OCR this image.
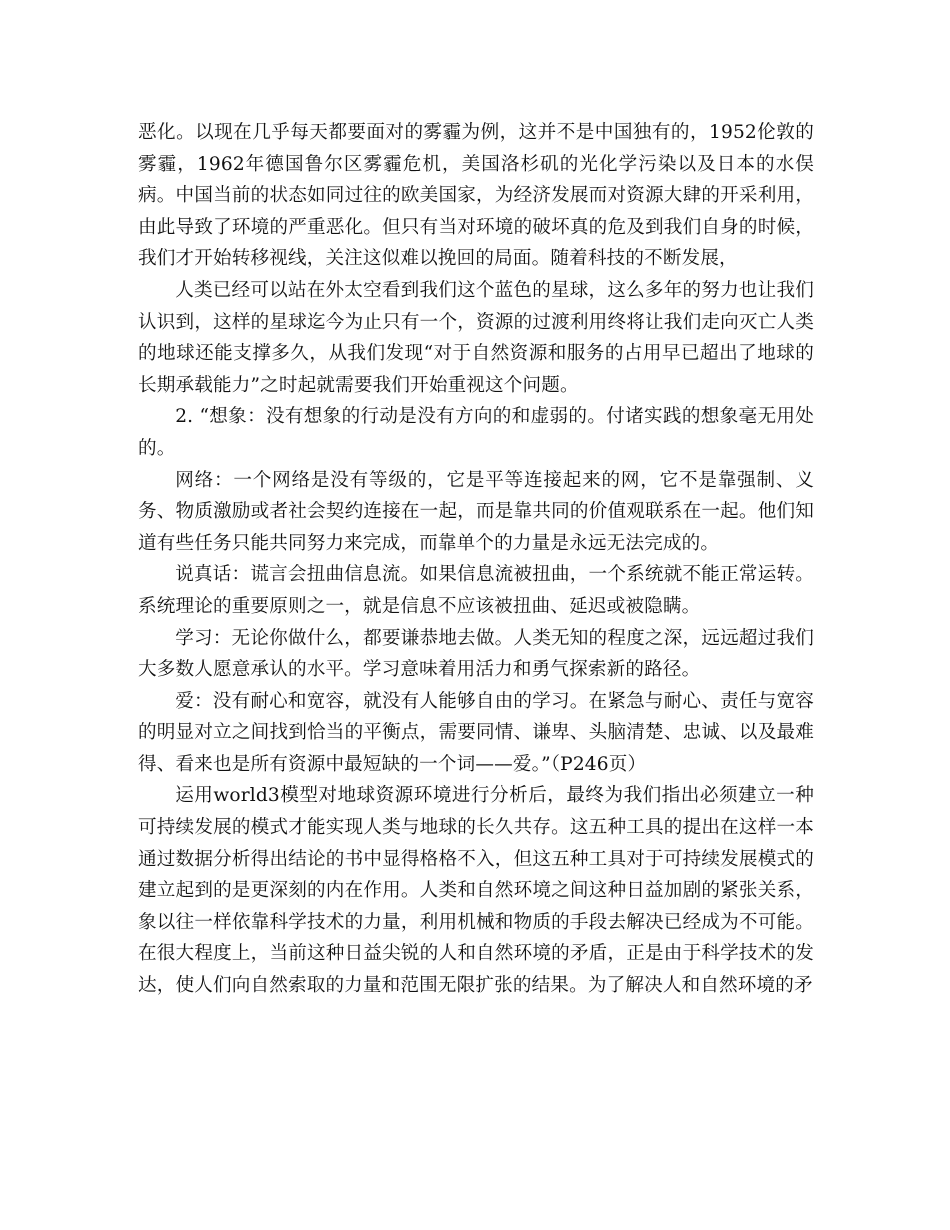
恶化。以现在几乎每天都要面对的雾霾为例，这并不是中国独有的，1952伦敦的雾霾，1962年德国鲁尔区雾霾危机，美国洛杉矶的光化学污染以及日本的水俣病。中国当前的状态如同过往的欧美国家，为经济发展而对资源大肆的开采利用，由此导致了环境的严重恶化。但只有当对环境的破坏真的危及到我们自身的时候，我们才开始转移视线，关注这似难以挽回的局面。随着科技的不断发展，

人类已经可以站在外太空看到我们这个蓝色的星球，这么多年的努力也让我们认识到，这样的星球迄今为止只有一个，资源的过渡利用终将让我们走向灭亡人类的地球还能支撑多久，从我们发现“对于自然资源和服务的占用早已超出了地球的长期承载能力”之时起就需要我们开始重视这个问题。

2. “想象：没有想象的行动是没有方向的和虚弱的。付诸实践的想象毫无用处的。

网络：一个网络是没有等级的，它是平等连接起来的网，它不是靠强制、义务、物质激励或者社会契约连接在一起，而是靠共同的价值观联系在一起。他们知道有些任务只能共同努力来完成，而靠单个的力量是永远无法完成的。

说真话：谎言会扭曲信息流。如果信息流被扭曲，一个系统就不能正常运转。系统理论的重要原则之一，就是信息不应该被扭曲、延迟或被隐瞒。

学习：无论你做什么，都要谦恭地去做。人类无知的程度之深，远远超过我们大多数人愿意承认的水平。学习意味着用活力和勇气探索新的路径。

爱：没有耐心和宽容，就没有人能够自由的学习。在紧急与耐心、责任与宽容的明显对立之间找到恰当的平衡点，需要同情、谦卑、头脑清楚、忠诚、以及最难得、看来也是所有资源中最短缺的一个词——爱。”（P246页）

运用world3模型对地球资源环境进行分析后，最终为我们指出必须建立一种可持续发展的模式才能实现人类与地球的长久共存。这五种工具的提出在这样一本通过数据分析得出结论的书中显得格格不入，但这五种工具对于可持续发展模式的建立起到的是更深刻的内在作用。人类和自然环境之间这种日益加剧的紧张关系，象以往一样依靠科学技术的力量，利用机械和物质的手段去解决已经成为不可能。在很大程度上，当前这种日益尖锐的人和自然环境的矛盾，正是由于科学技术的发达，使人们向自然索取的力量和范围无限扩张的结果。为了解决人和自然环境的矛
